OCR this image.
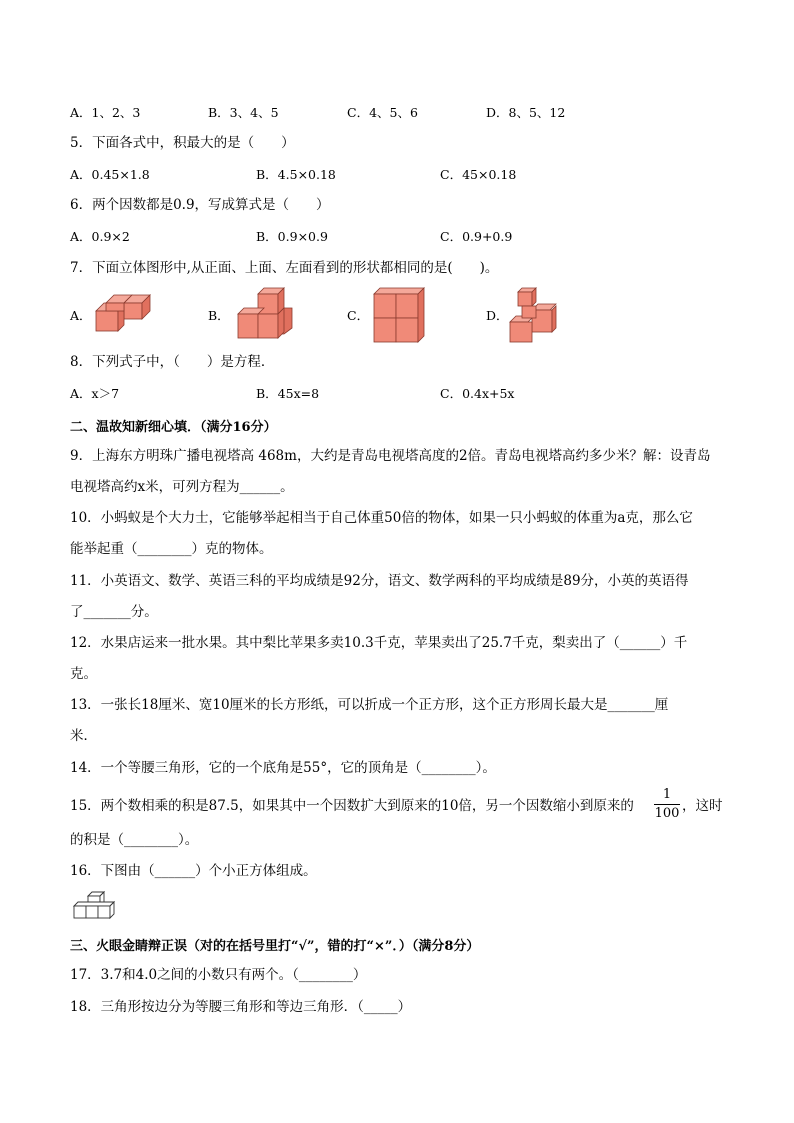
A．1、2、3	B．3、4、5	C．4、5、6	D．8、5、12
5．下面各式中，积最大的是（　　）
A．0.45×1.8	B．4.5×0.18	C．45×0.18
6．两个因数都是0.9，写成算式是（　　）
A．0.9×2	B．0.9×0.9	C．0.9+0.9
7．下面立体图形中,从正面、上面、左面看到的形状都相同的是(　　)。
A．	B．	C．	D．
8．下列式子中，（　　）是方程．
A．x＞7	B．45x=8	C．0.4x+5x
二、温故知新细心填．（满分16分）
9．上海东方明珠广播电视塔高 468m，大约是青岛电视塔高度的2倍。青岛电视塔高约多少米？解：设青岛
电视塔高约x米，可列方程为______。
10．小蚂蚁是个大力士，它能够举起相当于自己体重50倍的物体，如果一只小蚂蚁的体重为a克，那么它
能举起重（________）克的物体。
11．小英语文、数学、英语三科的平均成绩是92分，语文、数学两科的平均成绩是89分，小英的英语得
了_______分。
12．水果店运来一批水果。其中梨比苹果多卖10.3千克，苹果卖出了25.7千克，梨卖出了（______）千
克。
13．一张长18厘米、宽10厘米的长方形纸，可以折成一个正方形，这个正方形周长最大是_______厘
米．
14．一个等腰三角形，它的一个底角是55°，它的顶角是（________）。
15．两个数相乘的积是87.5，如果其中一个因数扩大到原来的10倍，另一个因数缩小到原来的
1
100 ，这时
的积是（________）。
16．下图由（______）个小正方体组成。
三、火眼金睛辩正误（对的在括号里打“√”，错的打“×”．）（满分8分）
17．3.7和4.0之间的小数只有两个。（________）
18．三角形按边分为等腰三角形和等边三角形．（_____）
